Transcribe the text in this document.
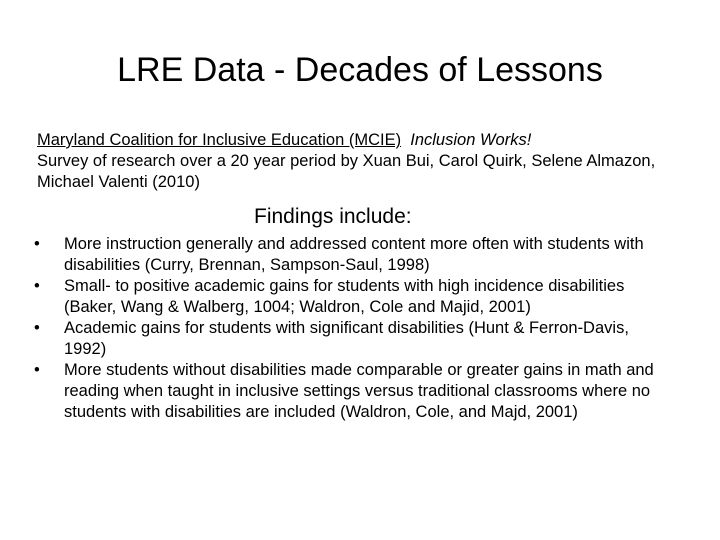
LRE Data - Decades of Lessons
Maryland Coalition for Inclusive Education (MCIE) Inclusion Works!
Survey of research over a 20 year period by Xuan Bui, Carol Quirk, Selene Almazon, Michael Valenti (2010)
Findings include:
•	More instruction generally and addressed content more often with students with disabilities (Curry, Brennan, Sampson-Saul, 1998)
•	Small- to positive academic gains for students with high incidence disabilities (Baker, Wang & Walberg, 1004; Waldron, Cole and Majid, 2001)
•	Academic gains for students with significant disabilities (Hunt & Ferron-Davis, 1992)
•	More students without disabilities made comparable or greater gains in math and reading when taught in inclusive settings versus traditional classrooms where no students with disabilities are included (Waldron, Cole, and Majd, 2001)
